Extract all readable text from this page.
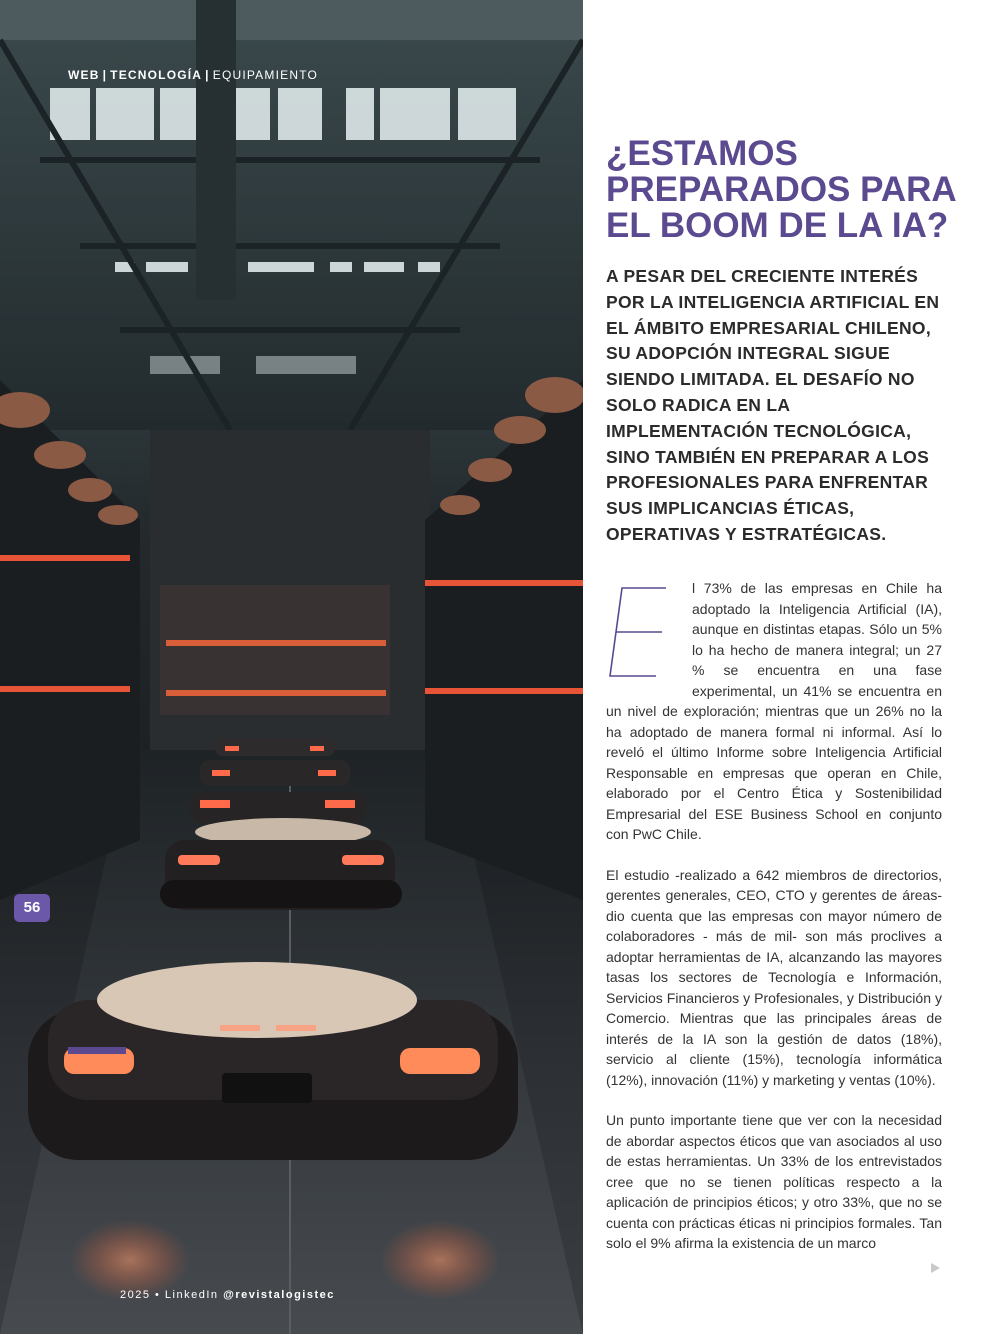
WEB | TECNOLOGÍA | EQUIPAMIENTO
56
2025 • LinkedIn @revistalogistec
¿ESTAMOS PREPARADOS PARA EL BOOM DE LA IA?

A PESAR DEL CRECIENTE INTERÉS POR LA INTELIGENCIA ARTIFICIAL EN EL ÁMBITO EMPRESARIAL CHILENO, SU ADOPCIÓN INTEGRAL SIGUE SIENDO LIMITADA. EL DESAFÍO NO SOLO RADICA EN LA IMPLEMENTACIÓN TECNOLÓGICA, SINO TAMBIÉN EN PREPARAR A LOS PROFESIONALES PARA ENFRENTAR SUS IMPLICANCIAS ÉTICAS, OPERATIVAS Y ESTRATÉGICAS.

l 73% de las empresas en Chile ha adoptado la Inteligencia Artificial (IA), aunque en distintas etapas. Sólo un 5% lo ha hecho de manera integral; un 27 % se encuentra en una fase experimental, un 41% se encuentra en un nivel de exploración; mientras que un 26% no la ha adoptado de manera formal ni informal. Así lo reveló el último Informe sobre Inteligencia Artificial Responsable en empresas que operan en Chile, elaborado por el Centro Ética y Sostenibilidad Empresarial del ESE Business School en conjunto con PwC Chile.

El estudio -realizado a 642 miembros de directorios, gerentes generales, CEO, CTO y gerentes de áreas- dio cuenta que las empresas con mayor número de colaboradores - más de mil- son más proclives a adoptar herramientas de IA, alcanzando las mayores tasas los sectores de Tecnología e Información, Servicios Financieros y Profesionales, y Distribución y Comercio. Mientras que las principales áreas de interés de la IA son la gestión de datos (18%), servicio al cliente (15%), tecnología informática (12%), innovación (11%) y marketing y ventas (10%).

Un punto importante tiene que ver con la necesidad de abordar aspectos éticos que van asociados al uso de estas herramientas. Un 33% de los entrevistados cree que no se tienen políticas respecto a la aplicación de principios éticos; y otro 33%, que no se cuenta con prácticas éticas ni principios formales. Tan solo el 9% afirma la existencia de un marco
